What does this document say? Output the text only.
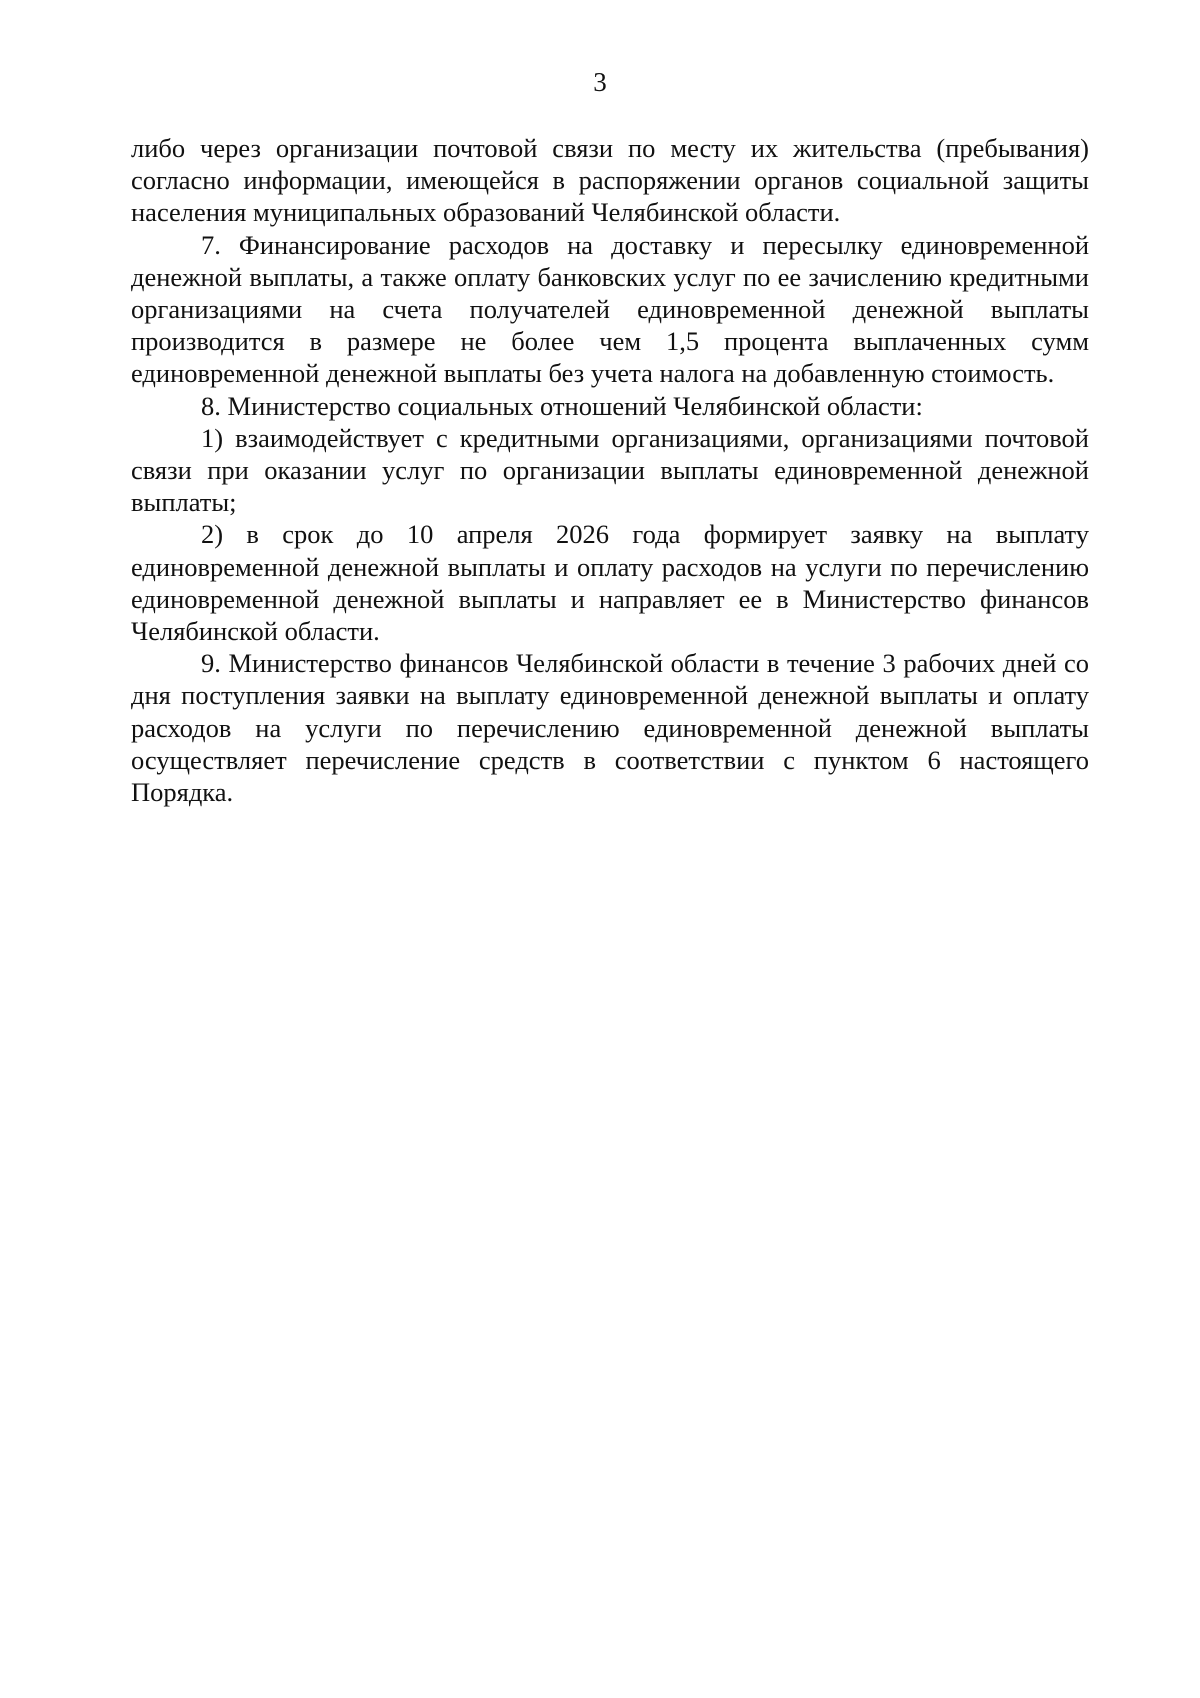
3

либо через организации почтовой связи по месту их жительства (пребывания) согласно информации, имеющейся в распоряжении органов социальной защиты населения муниципальных образований Челябинской области.

7. Финансирование расходов на доставку и пересылку единовременной денежной выплаты, а также оплату банковских услуг по ее зачислению кредитными организациями на счета получателей единовременной денежной выплаты производится в размере не более чем 1,5 процента выплаченных сумм единовременной денежной выплаты без учета налога на добавленную стоимость.

8. Министерство социальных отношений Челябинской области:

1) взаимодействует с кредитными организациями, организациями почтовой связи при оказании услуг по организации выплаты единовременной денежной выплаты;

2) в срок до 10 апреля 2026 года формирует заявку на выплату единовременной денежной выплаты и оплату расходов на услуги по перечислению единовременной денежной выплаты и направляет ее в Министерство финансов Челябинской области.

9. Министерство финансов Челябинской области в течение 3 рабочих дней со дня поступления заявки на выплату единовременной денежной выплаты и оплату расходов на услуги по перечислению единовременной денежной выплаты осуществляет перечисление средств в соответствии с пунктом 6 настоящего Порядка.
